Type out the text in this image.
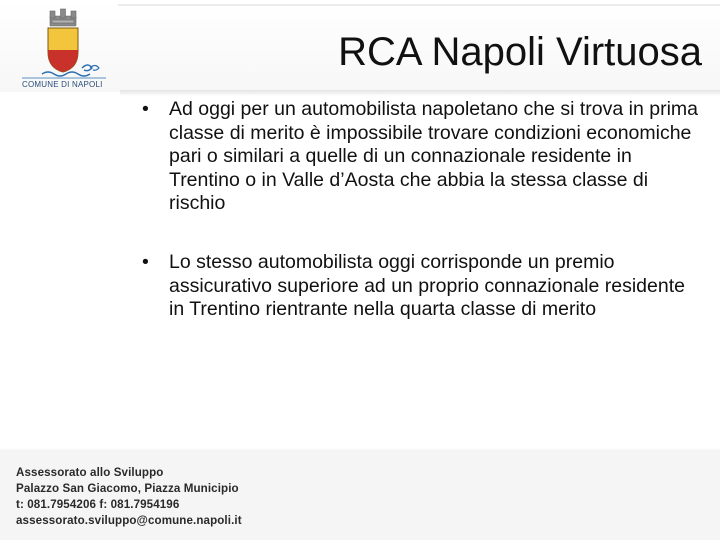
COMUNE DI NAPOLI
RCA Napoli Virtuosa
• Ad oggi per un automobilista napoletano che si trova in prima classe di merito è impossibile trovare condizioni economiche pari o similari a quelle di un connazionale residente in Trentino o in Valle d’Aosta che abbia la stessa classe di rischio
• Lo stesso automobilista oggi corrisponde un premio assicurativo superiore ad un proprio connazionale residente in Trentino rientrante nella quarta classe di merito
Assessorato allo Sviluppo
Palazzo San Giacomo, Piazza Municipio
t: 081.7954206 f: 081.7954196
assessorato.sviluppo@comune.napoli.it
